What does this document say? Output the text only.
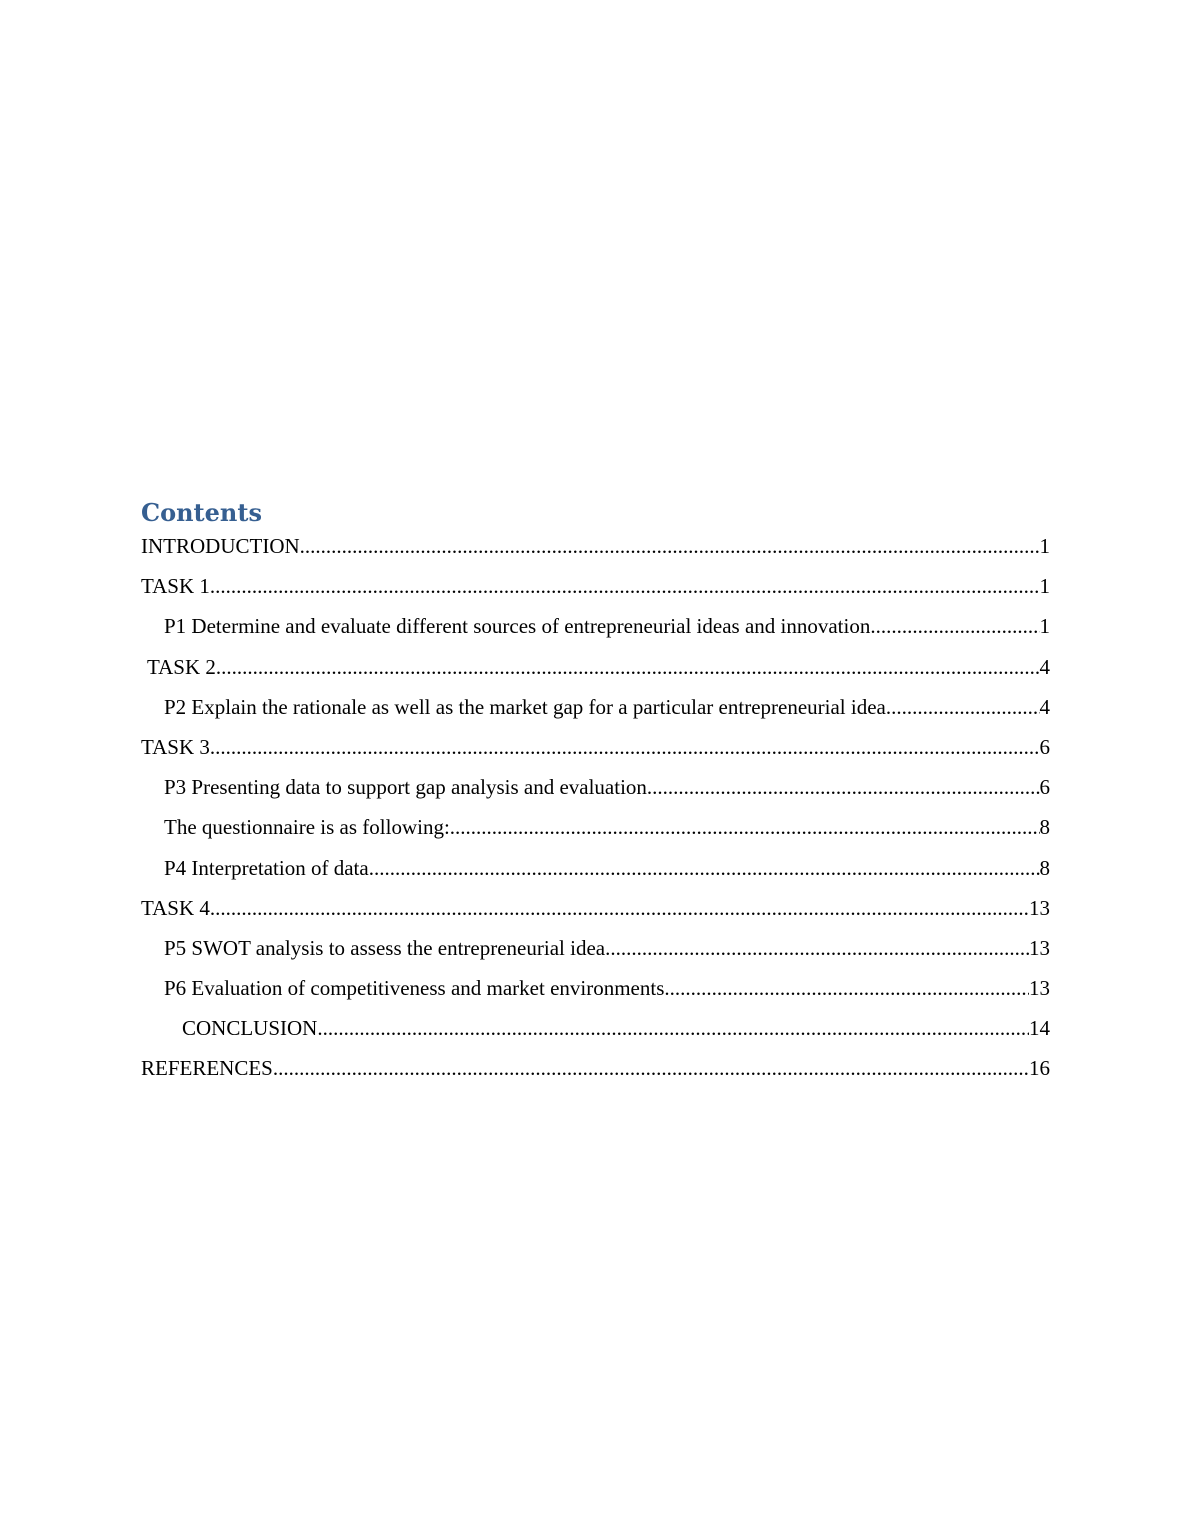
Contents
INTRODUCTION .....	1
TASK 1 .....	1
P1 Determine and evaluate different sources of entrepreneurial ideas and innovation .....	1
TASK 2 .....	4
P2 Explain the rationale as well as the market gap for a particular entrepreneurial idea .....	4
TASK 3 .....	6
P3 Presenting data to support gap analysis and evaluation .....	6
The questionnaire is as following: .....	8
P4 Interpretation of data .....	8
TASK 4 .....	13
P5 SWOT analysis to assess the entrepreneurial idea .....	13
P6 Evaluation of competitiveness and market environments .....	13
CONCLUSION .....	14
REFERENCES .....	16
